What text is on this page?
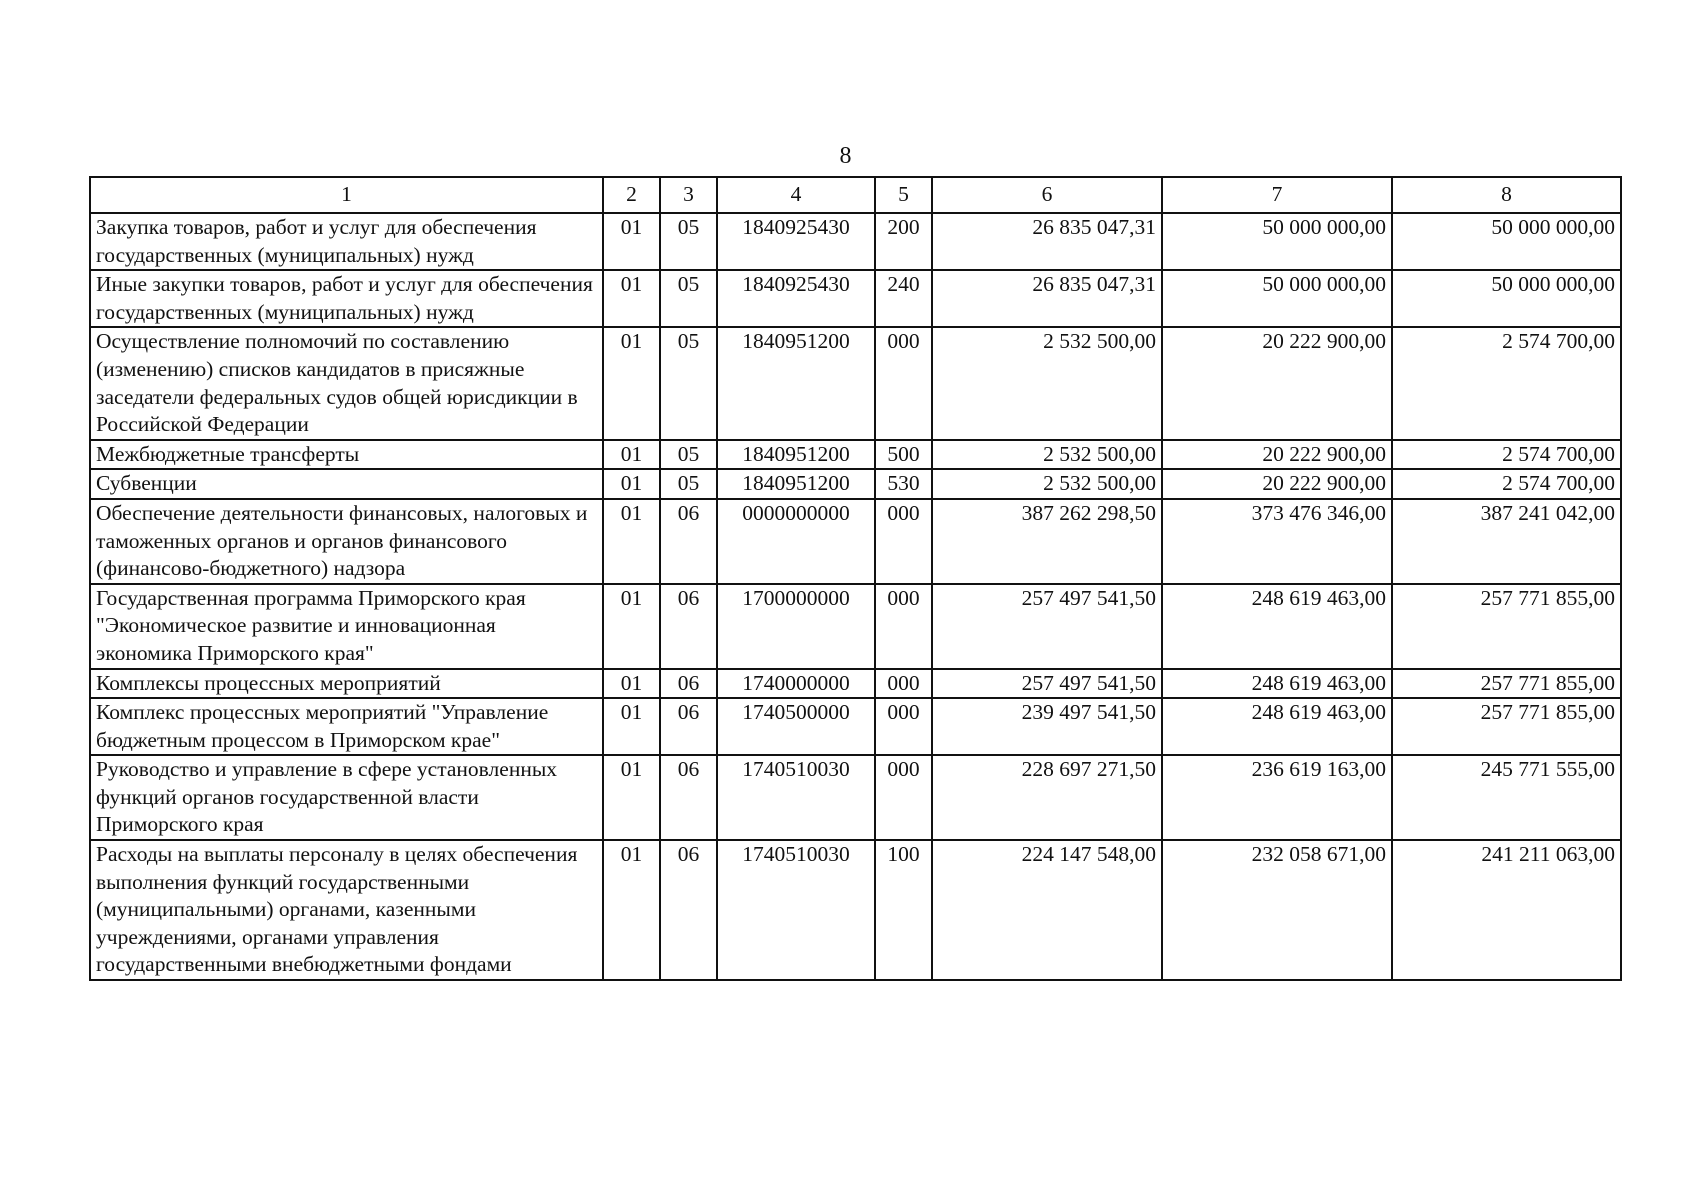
8
1	2	3	4	5	6	7	8
Закупка товаров, работ и услуг для обеспечения государственных (муниципальных) нужд	01	05	1840925430	200	26 835 047,31	50 000 000,00	50 000 000,00
Иные закупки товаров, работ и услуг для обеспечения государственных (муниципальных) нужд	01	05	1840925430	240	26 835 047,31	50 000 000,00	50 000 000,00
Осуществление полномочий по составлению (изменению) списков кандидатов в присяжные заседатели федеральных судов общей юрисдикции в Российской Федерации	01	05	1840951200	000	2 532 500,00	20 222 900,00	2 574 700,00
Межбюджетные трансферты	01	05	1840951200	500	2 532 500,00	20 222 900,00	2 574 700,00
Субвенции	01	05	1840951200	530	2 532 500,00	20 222 900,00	2 574 700,00
Обеспечение деятельности финансовых, налоговых и таможенных органов и органов финансового (финансово-бюджетного) надзора	01	06	0000000000	000	387 262 298,50	373 476 346,00	387 241 042,00
Государственная программа Приморского края "Экономическое развитие и инновационная экономика Приморского края"	01	06	1700000000	000	257 497 541,50	248 619 463,00	257 771 855,00
Комплексы процессных мероприятий	01	06	1740000000	000	257 497 541,50	248 619 463,00	257 771 855,00
Комплекс процессных мероприятий "Управление бюджетным процессом в Приморском крае"	01	06	1740500000	000	239 497 541,50	248 619 463,00	257 771 855,00
Руководство и управление в сфере установленных функций органов государственной власти Приморского края	01	06	1740510030	000	228 697 271,50	236 619 163,00	245 771 555,00
Расходы на выплаты персоналу в целях обеспечения выполнения функций государственными (муниципальными) органами, казенными учреждениями, органами управления государственными внебюджетными фондами	01	06	1740510030	100	224 147 548,00	232 058 671,00	241 211 063,00
